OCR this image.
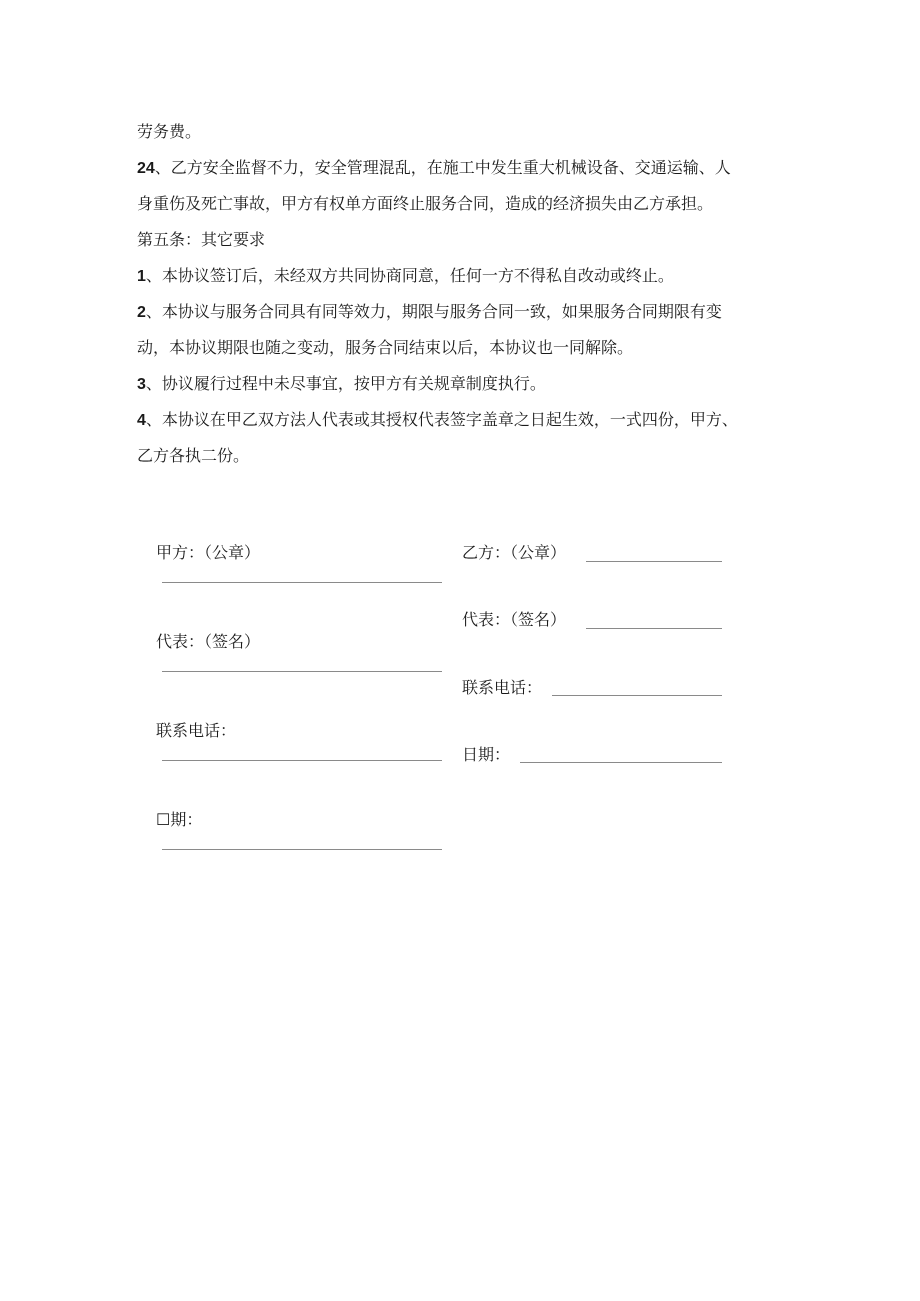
劳务费。
24、乙方安全监督不力，安全管理混乱，在施工中发生重大机械设备、交通运输、人
身重伤及死亡事故，甲方有权单方面终止服务合同，造成的经济损失由乙方承担。
第五条：其它要求
1、本协议签订后，未经双方共同协商同意，任何一方不得私自改动或终止。
2、本协议与服务合同具有同等效力，期限与服务合同一致，如果服务合同期限有变
动，本协议期限也随之变动，服务合同结束以后，本协议也一同解除。
3、协议履行过程中未尽事宜，按甲方有关规章制度执行。
4、本协议在甲乙双方法人代表或其授权代表签字盖章之日起生效，一式四份，甲方、
乙方各执二份。
甲方：（公章）
代表：（签名）
联系电话：
☐期：
乙方：（公章）
代表：（签名）
联系电话：
日期：
